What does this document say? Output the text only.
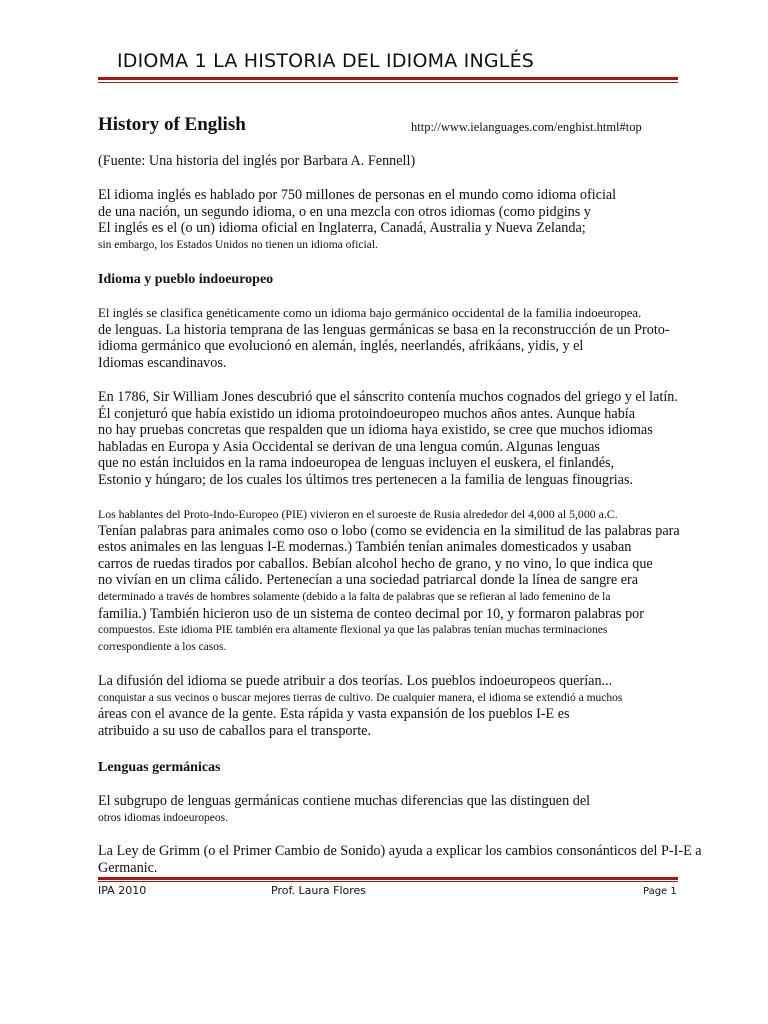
IDIOMA 1 LA HISTORIA DEL IDIOMA INGLÉS
History of English	http://www.ielanguages.com/enghist.html#top
(Fuente: Una historia del inglés por Barbara A. Fennell)
El idioma inglés es hablado por 750 millones de personas en el mundo como idioma oficial
de una nación, un segundo idioma, o en una mezcla con otros idiomas (como pidgins y
El inglés es el (o un) idioma oficial en Inglaterra, Canadá, Australia y Nueva Zelanda;
sin embargo, los Estados Unidos no tienen un idioma oficial.
Idioma y pueblo indoeuropeo
El inglés se clasifica genéticamente como un idioma bajo germánico occidental de la familia indoeuropea.
de lenguas. La historia temprana de las lenguas germánicas se basa en la reconstrucción de un Proto-
idioma germánico que evolucionó en alemán, inglés, neerlandés, afrikáans, yidis, y el
Idiomas escandinavos.
En 1786, Sir William Jones descubrió que el sánscrito contenía muchos cognados del griego y el latín.
Él conjeturó que había existido un idioma protoindoeuropeo muchos años antes. Aunque había
no hay pruebas concretas que respalden que un idioma haya existido, se cree que muchos idiomas
habladas en Europa y Asia Occidental se derivan de una lengua común. Algunas lenguas
que no están incluidos en la rama indoeuropea de lenguas incluyen el euskera, el finlandés,
Estonio y húngaro; de los cuales los últimos tres pertenecen a la familia de lenguas finougrias.
Los hablantes del Proto-Indo-Europeo (PIE) vivieron en el suroeste de Rusia alrededor del 4,000 al 5,000 a.C.
Tenían palabras para animales como oso o lobo (como se evidencia en la similitud de las palabras para
estos animales en las lenguas I-E modernas.) También tenían animales domesticados y usaban
carros de ruedas tirados por caballos. Bebían alcohol hecho de grano, y no vino, lo que indica que
no vivían en un clima cálido. Pertenecían a una sociedad patriarcal donde la línea de sangre era
determinado a través de hombres solamente (debido a la falta de palabras que se refieran al lado femenino de la
familia.) También hicieron uso de un sistema de conteo decimal por 10, y formaron palabras por
compuestos. Este idioma PIE también era altamente flexional ya que las palabras tenían muchas terminaciones
correspondiente a los casos.
La difusión del idioma se puede atribuir a dos teorías. Los pueblos indoeuropeos querían...
conquistar a sus vecinos o buscar mejores tierras de cultivo. De cualquier manera, el idioma se extendió a muchos
áreas con el avance de la gente. Esta rápida y vasta expansión de los pueblos I-E es
atribuido a su uso de caballos para el transporte.
Lenguas germánicas
El subgrupo de lenguas germánicas contiene muchas diferencias que las distinguen del
otros idiomas indoeuropeos.
La Ley de Grimm (o el Primer Cambio de Sonido) ayuda a explicar los cambios consonánticos del P-I-E a
Germanic.
IPA 2010	Prof. Laura Flores	Page 1
